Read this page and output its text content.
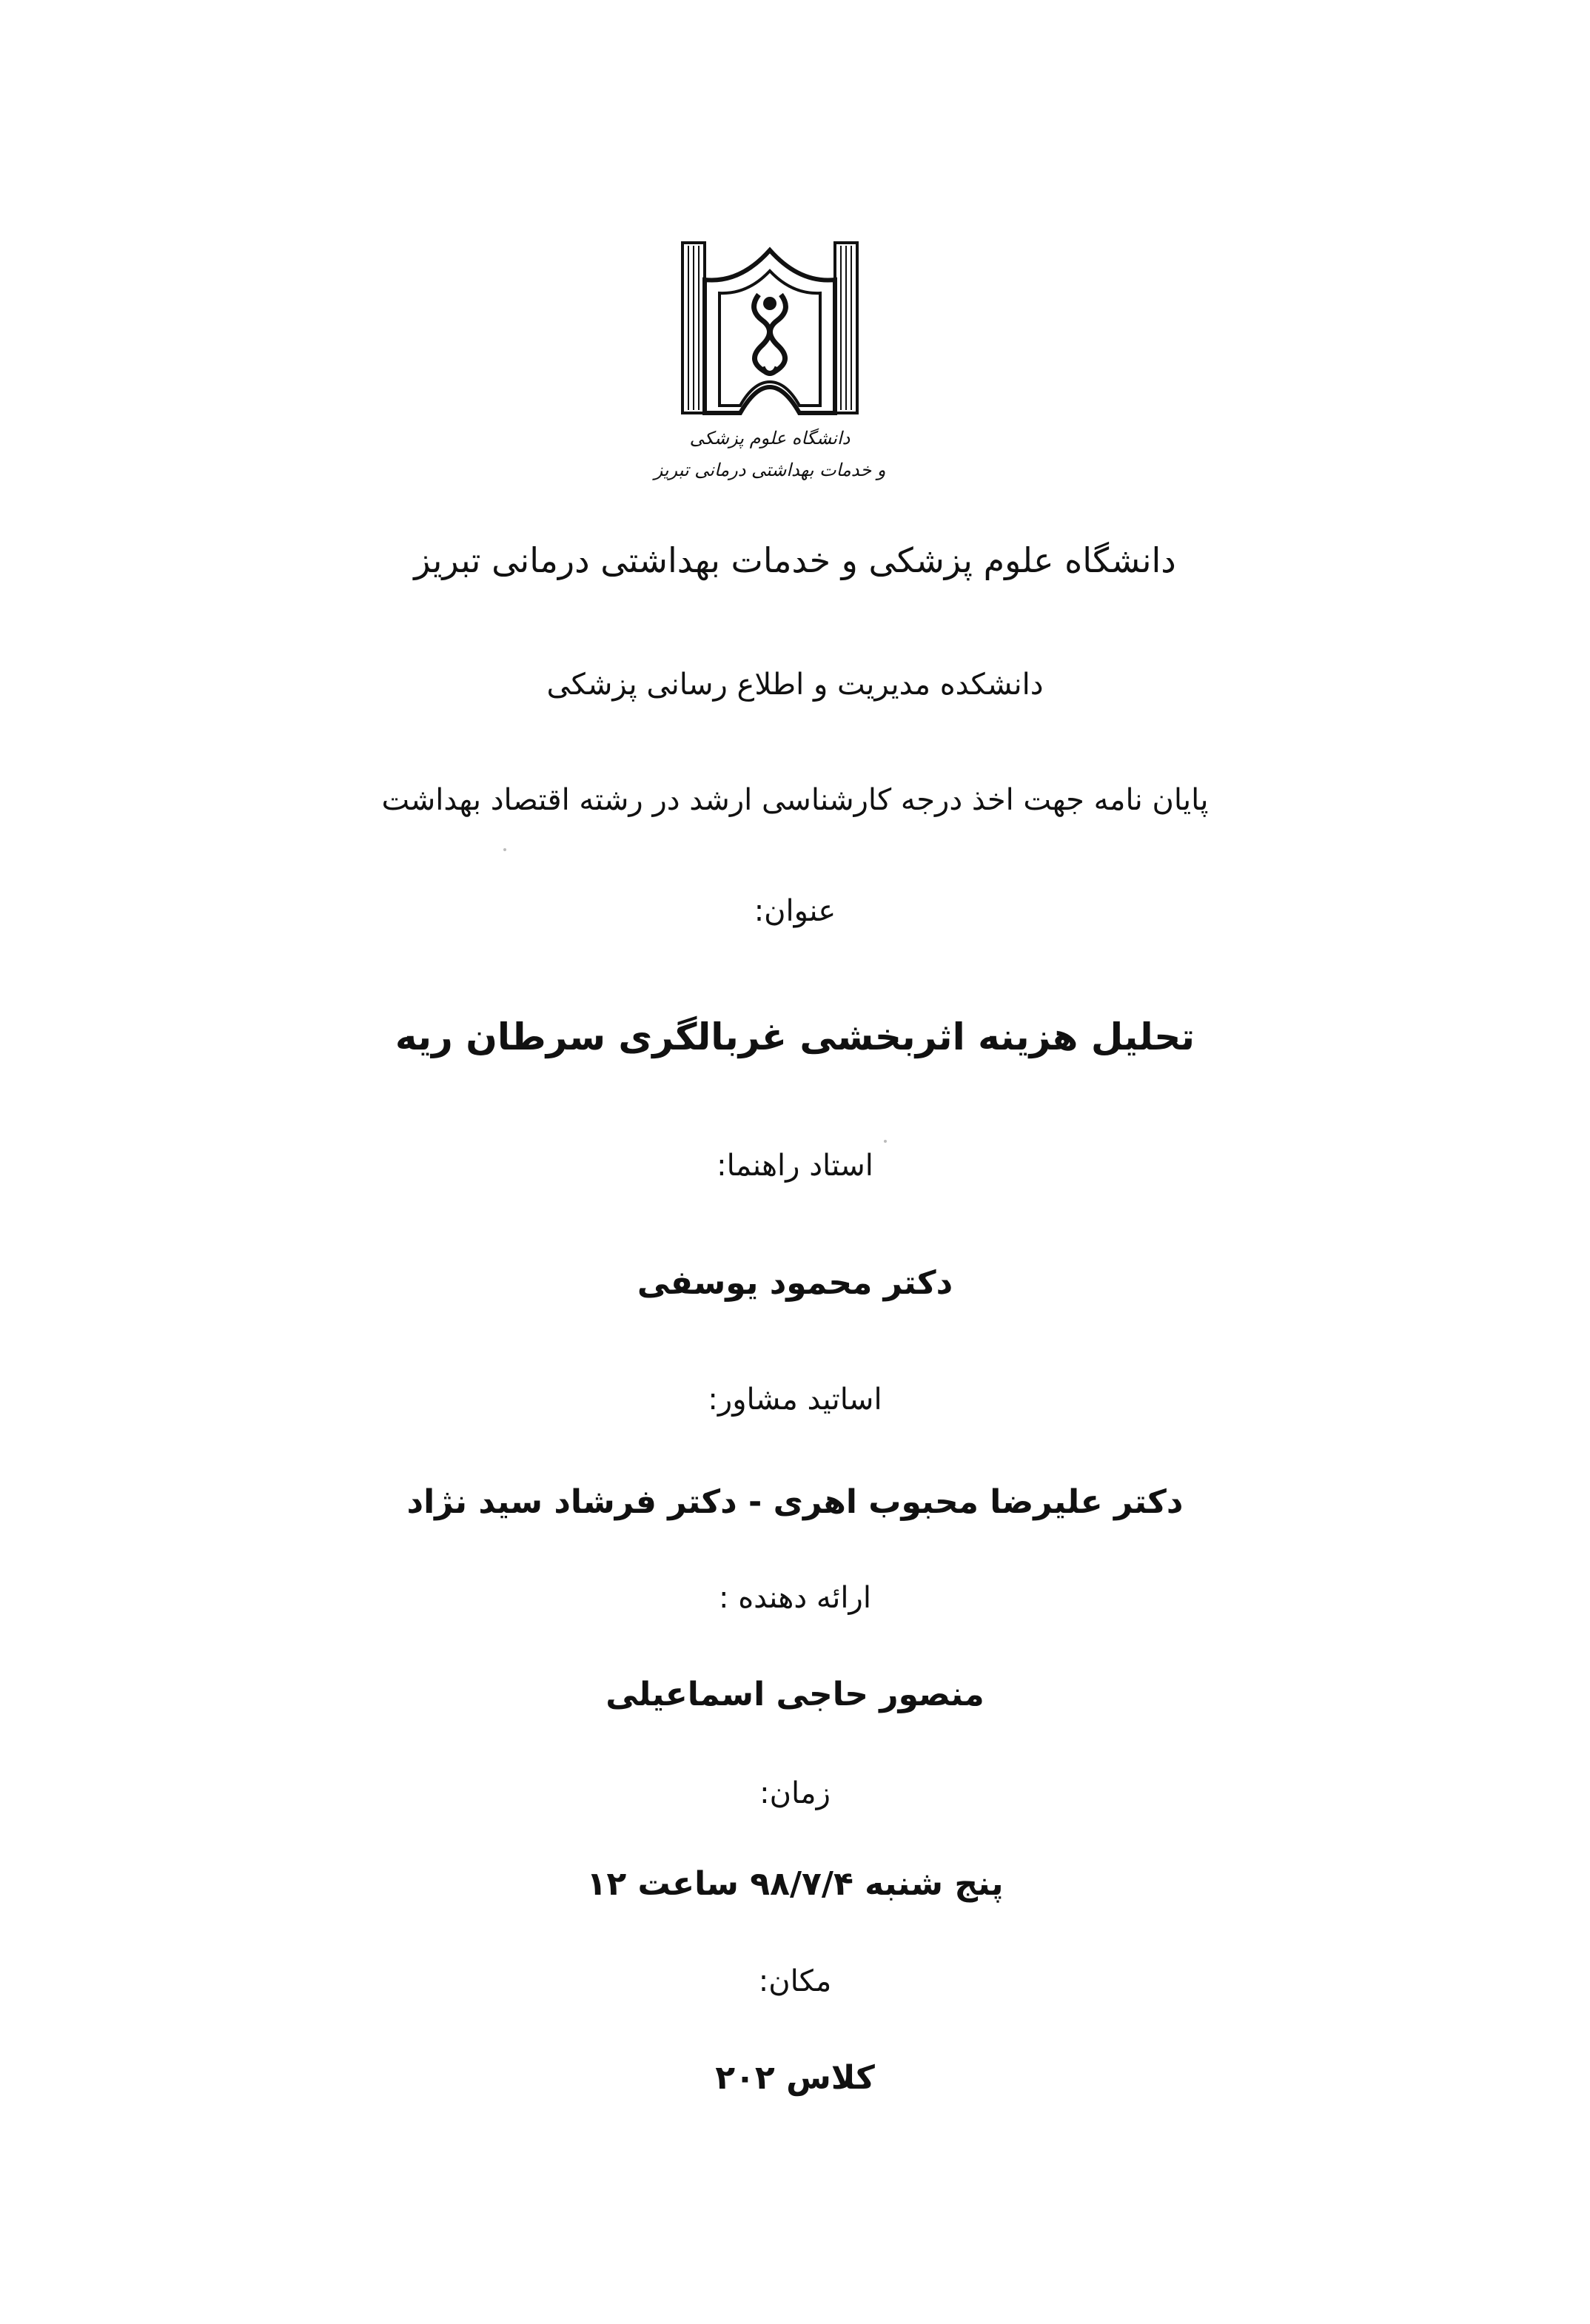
دانشگاه علوم پزشکی
و خدمات بهداشتی درمانی تبریز
دانشگاه علوم پزشکی و خدمات بهداشتی درمانی تبریز
دانشکده مدیریت و اطلاع رسانی پزشکی
پایان نامه جهت اخذ درجه کارشناسی ارشد در رشته اقتصاد بهداشت
عنوان:
تحلیل هزینه اثربخشی غربالگری سرطان ریه
استاد راهنما:
دکتر محمود یوسفی
اساتید مشاور:
دکتر علیرضا محبوب اهری - دکتر فرشاد سید نژاد
ارائه دهنده :
منصور حاجی اسماعیلی
زمان:
پنج شنبه ۹۸/۷/۴ ساعت ۱۲
مکان:
کلاس ۲۰۲
